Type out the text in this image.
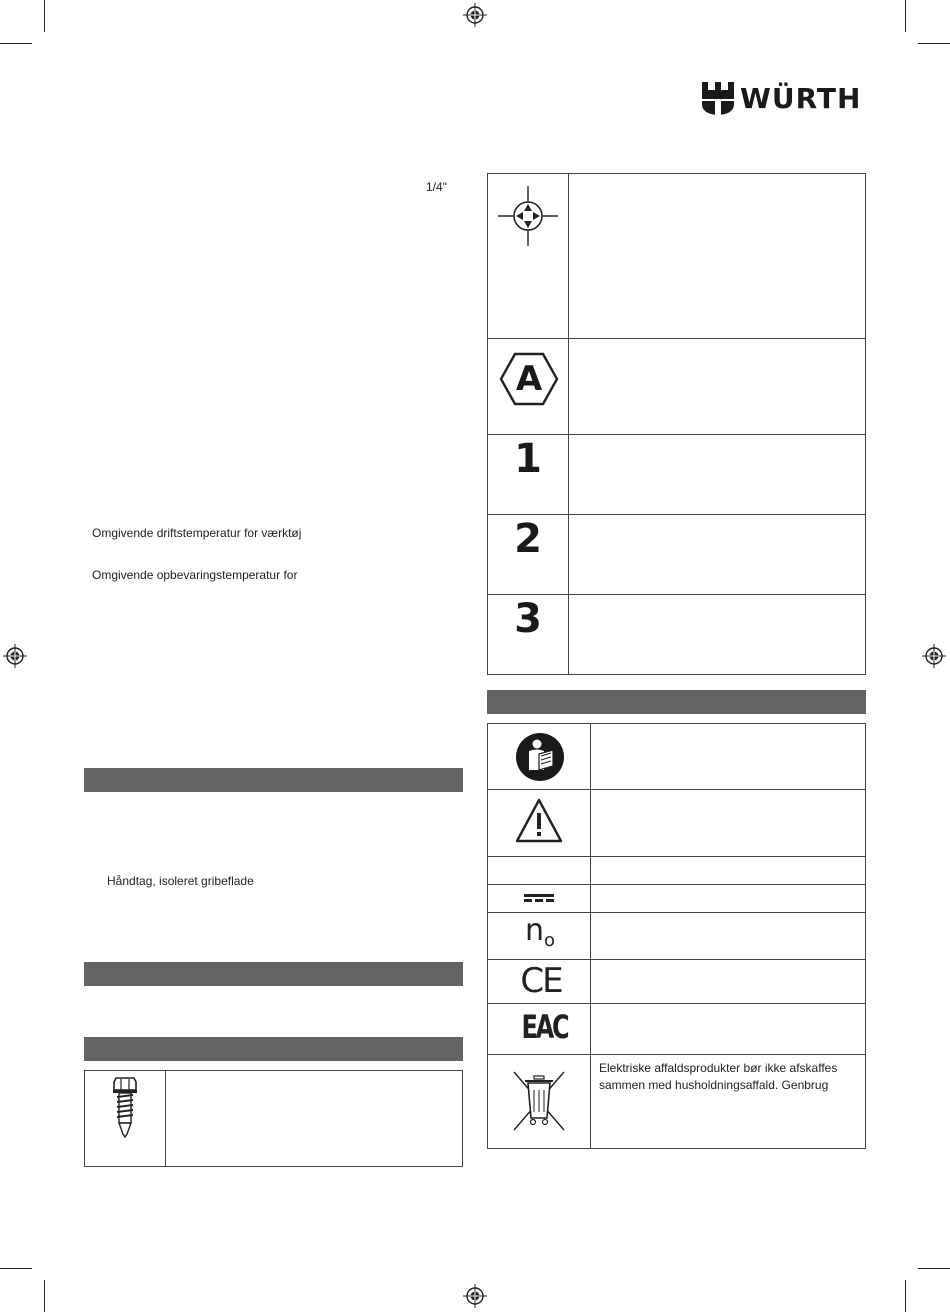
WÜRTH
1/4"
Omgivende driftstemperatur for værktøj
Omgivende opbevaringstemperatur for
Håndtag, isoleret gribeflade
A
1
2
3
no
CE
EAC
Elektriske affaldsprodukter bør ikke afskaffes
sammen med husholdningsaffald. Genbrug
